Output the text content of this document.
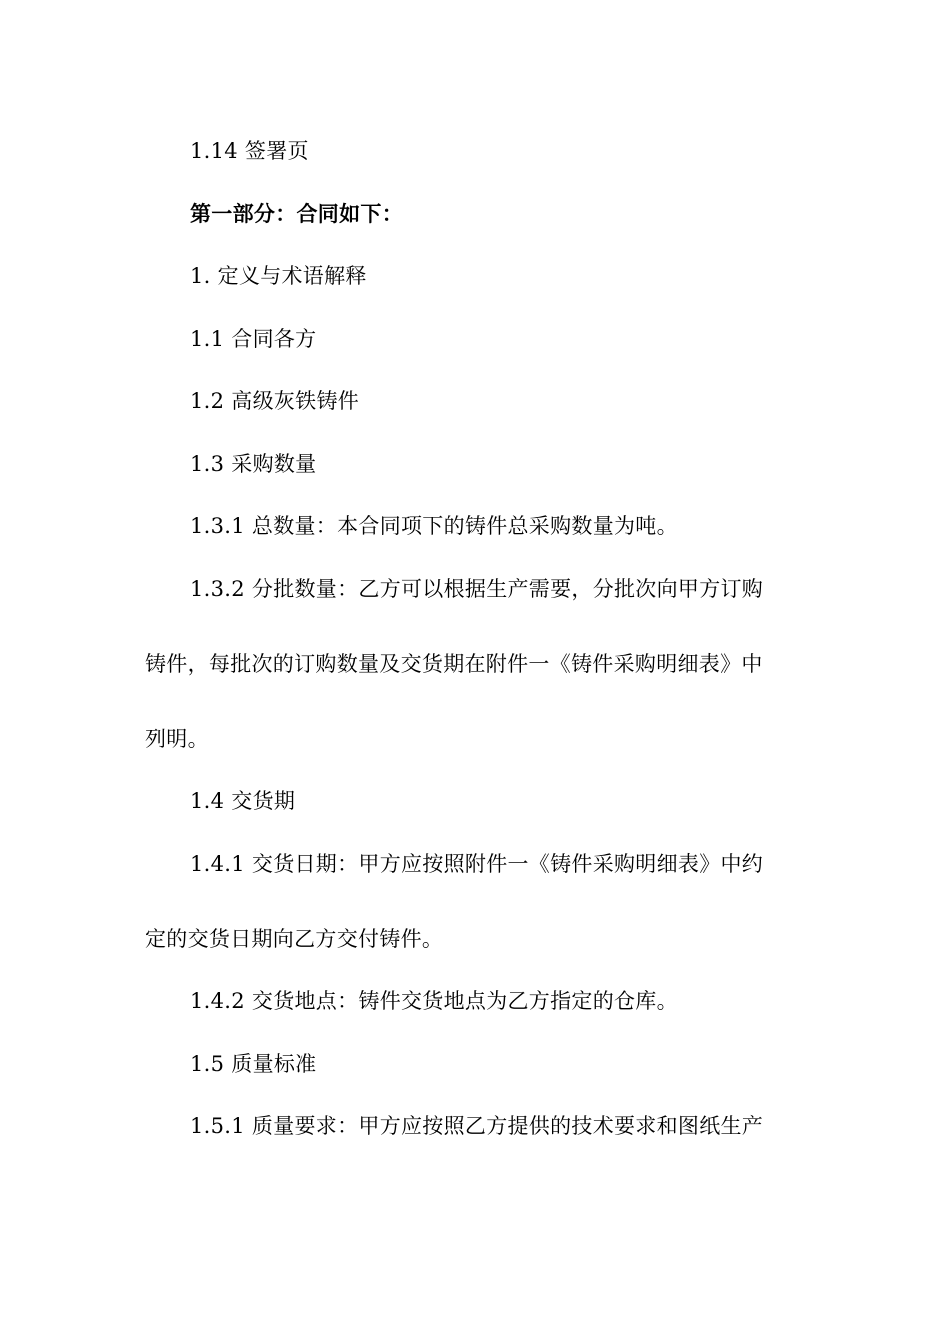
1.14 签署页
第一部分：合同如下：
1. 定义与术语解释
1.1 合同各方
1.2 高级灰铁铸件
1.3 采购数量
1.3.1 总数量：本合同项下的铸件总采购数量为吨。
1.3.2 分批数量：乙方可以根据生产需要，分批次向甲方订购
铸件，每批次的订购数量及交货期在附件一《铸件采购明细表》中
列明。
1.4 交货期
1.4.1 交货日期：甲方应按照附件一《铸件采购明细表》中约
定的交货日期向乙方交付铸件。
1.4.2 交货地点：铸件交货地点为乙方指定的仓库。
1.5 质量标准
1.5.1 质量要求：甲方应按照乙方提供的技术要求和图纸生产
